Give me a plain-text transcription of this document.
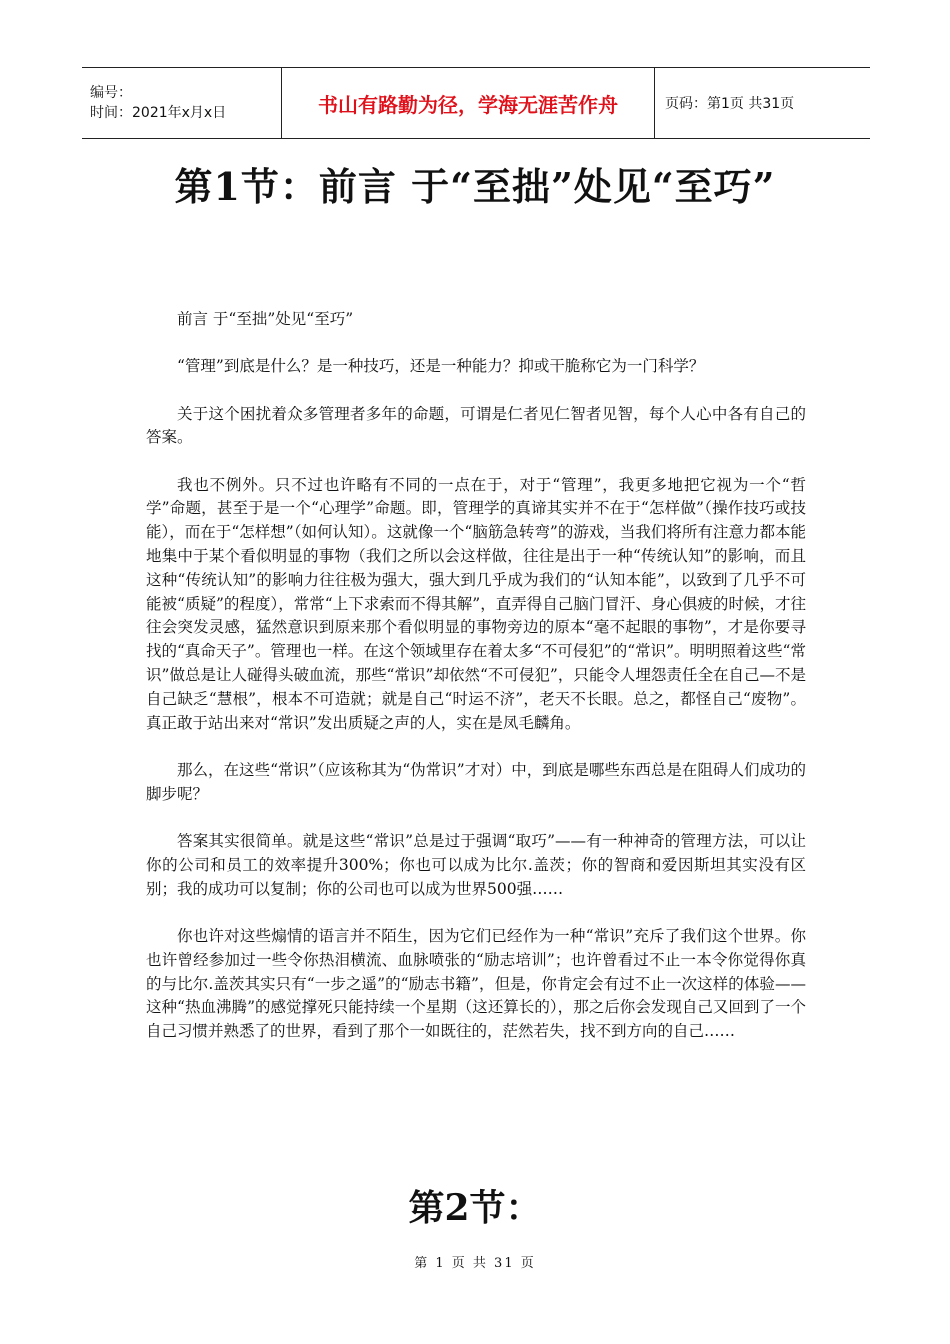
编号：
时间：2021年x月x日	书山有路勤为径，学海无涯苦作舟	页码：第1页 共31页
第1节：前言 于“至拙”处见“至巧”

前言 于“至拙”处见“至巧”

“管理”到底是什么？是一种技巧，还是一种能力？抑或干脆称它为一门科学？

关于这个困扰着众多管理者多年的命题，可谓是仁者见仁智者见智，每个人心中各有自己的答案。

我也不例外。只不过也许略有不同的一点在于，对于“管理”，我更多地把它视为一个“哲学”命题，甚至于是一个“心理学”命题。即，管理学的真谛其实并不在于“怎样做”（操作技巧或技能），而在于“怎样想”（如何认知）。这就像一个“脑筋急转弯”的游戏，当我们将所有注意力都本能地集中于某个看似明显的事物（我们之所以会这样做，往往是出于一种“传统认知”的影响，而且这种“传统认知”的影响力往往极为强大，强大到几乎成为我们的“认知本能”，以致到了几乎不可能被“质疑”的程度），常常“上下求索而不得其解”，直弄得自己脑门冒汗、身心俱疲的时候，才往往会突发灵感，猛然意识到原来那个看似明显的事物旁边的原本“毫不起眼的事物”，才是你要寻找的“真命天子”。管理也一样。在这个领域里存在着太多“不可侵犯”的“常识”。明明照着这些“常识”做总是让人碰得头破血流，那些“常识”却依然“不可侵犯”，只能令人埋怨责任全在自己—不是自己缺乏“慧根”，根本不可造就；就是自己“时运不济”，老天不长眼。总之，都怪自己“废物”。真正敢于站出来对“常识”发出质疑之声的人，实在是凤毛麟角。

那么，在这些“常识”（应该称其为“伪常识”才对）中，到底是哪些东西总是在阻碍人们成功的脚步呢？

答案其实很简单。就是这些“常识”总是过于强调“取巧”——有一种神奇的管理方法，可以让你的公司和员工的效率提升300%；你也可以成为比尔.盖茨；你的智商和爱因斯坦其实没有区别；我的成功可以复制；你的公司也可以成为世界500强……

你也许对这些煽情的语言并不陌生，因为它们已经作为一种“常识”充斥了我们这个世界。你也许曾经参加过一些令你热泪横流、血脉喷张的“励志培训”；也许曾看过不止一本令你觉得你真的与比尔.盖茨其实只有“一步之遥”的“励志书籍”，但是，你肯定会有过不止一次这样的体验——这种“热血沸腾”的感觉撑死只能持续一个星期（这还算长的），那之后你会发现自己又回到了一个自己习惯并熟悉了的世界，看到了那个一如既往的，茫然若失，找不到方向的自己……

第2节：
第 1 页 共 31 页
